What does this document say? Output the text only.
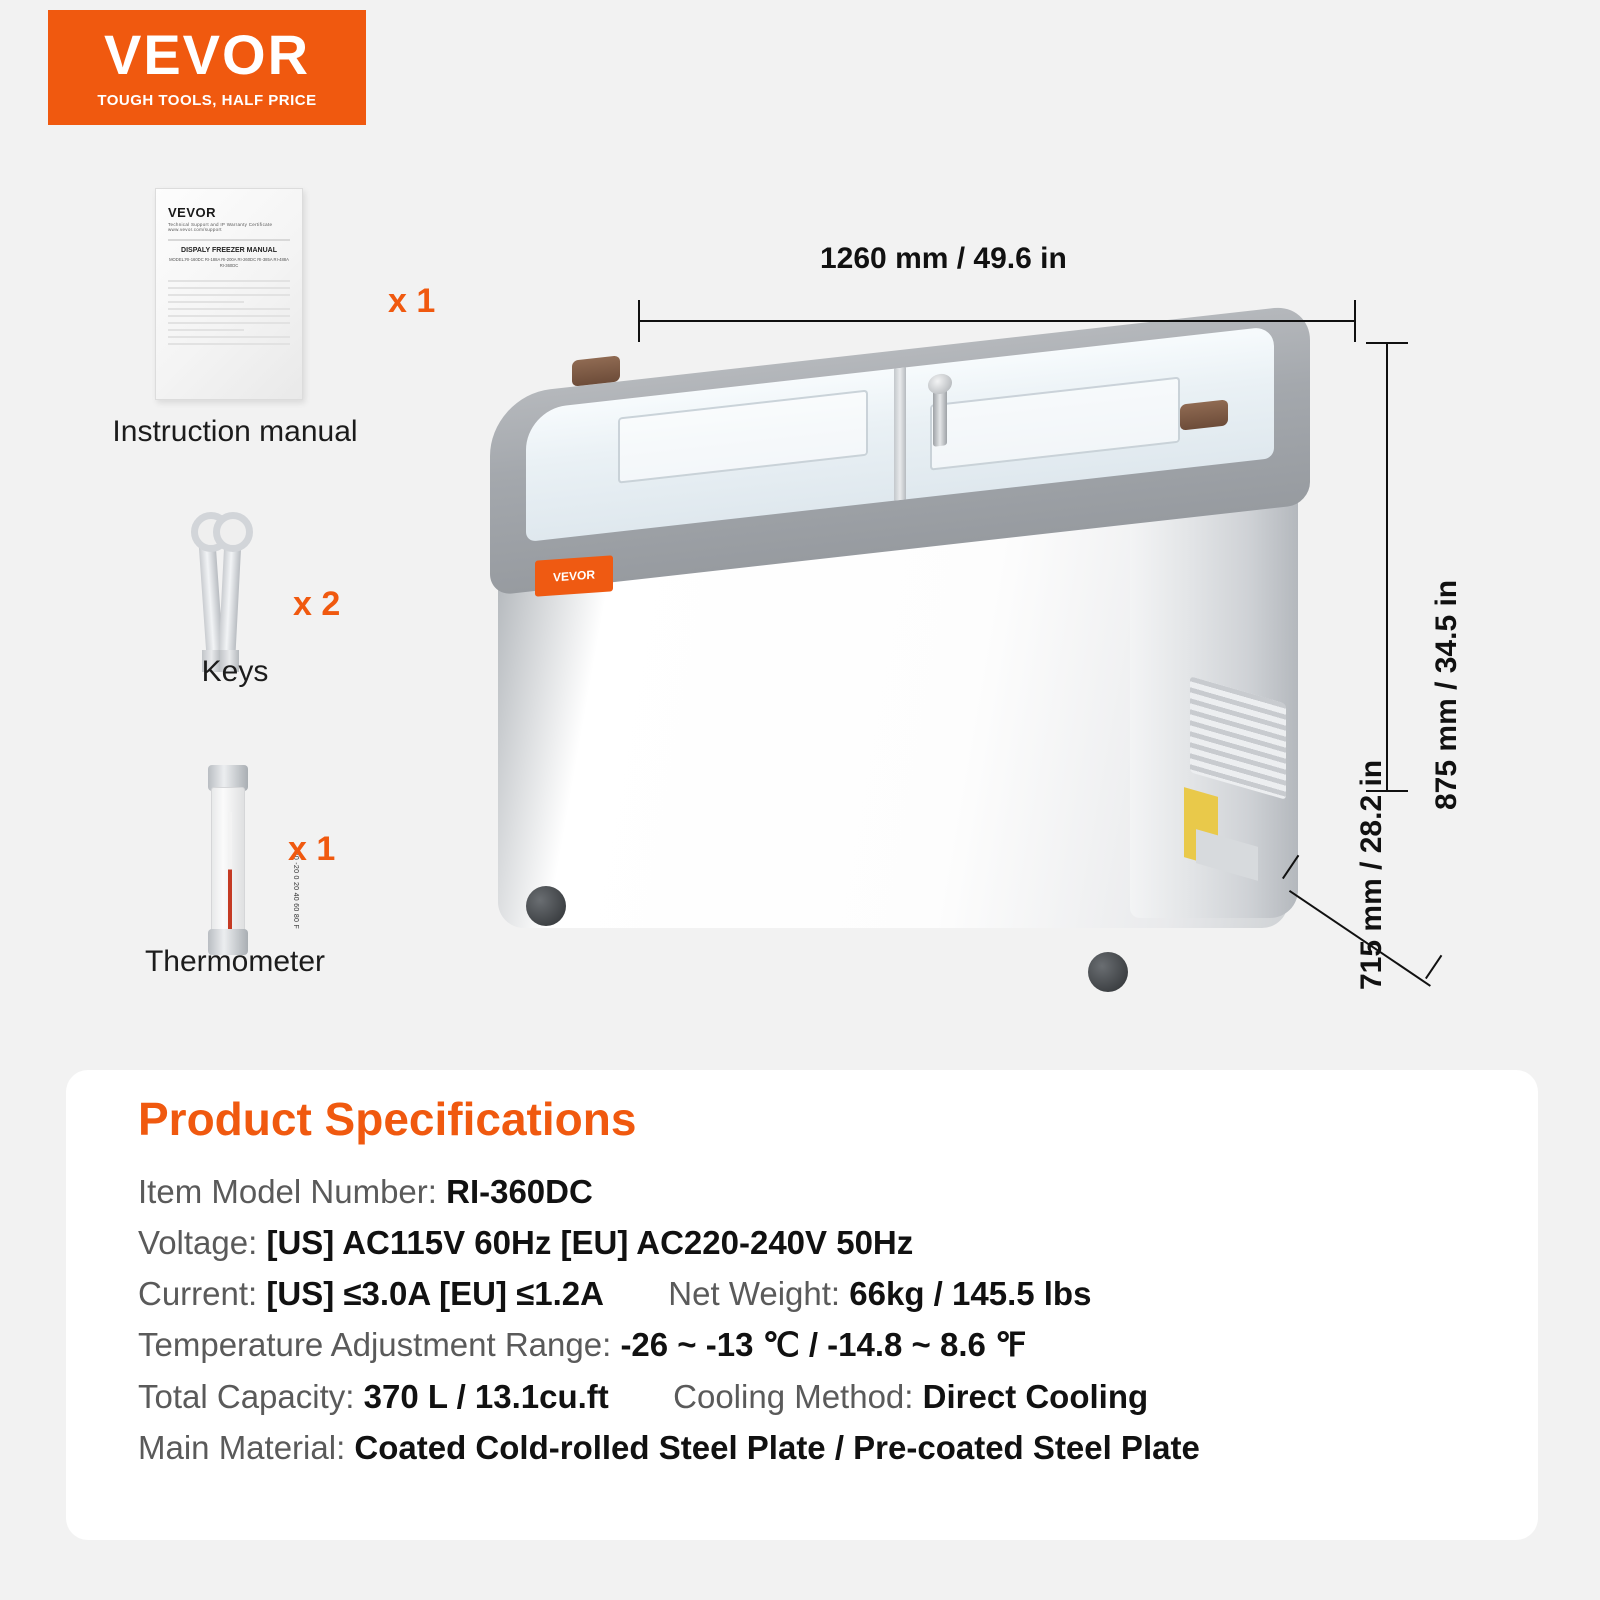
VEVOR
TOUGH TOOLS, HALF PRICE
VEVOR
Technical Support and IP Warranty Certificate www.vevor.com/support
DISPALY FREEZER MANUAL
MODEL:RI-160DC RI-188A RI-200A RI-260DC RI-385A RI-488A
RI-360DC
x 1
Instruction manual
x 2
Keys
-40 -20 0 20 40 60 80 F
x 1
Thermometer
VEVOR
1260 mm / 49.6 in
875 mm / 34.5 in
715 mm / 28.2 in
Product Specifications
Item Model Number: RI-360DC
Voltage: [US] AC115V 60Hz [EU] AC220-240V 50Hz
Current: [US] ≤3.0A [EU] ≤1.2A Net Weight: 66kg / 145.5 lbs
Temperature Adjustment Range: -26 ~ -13 ℃ / -14.8 ~ 8.6 ℉
Total Capacity: 370 L / 13.1cu.ft Cooling Method: Direct Cooling
Main Material: Coated Cold-rolled Steel Plate / Pre-coated Steel Plate
